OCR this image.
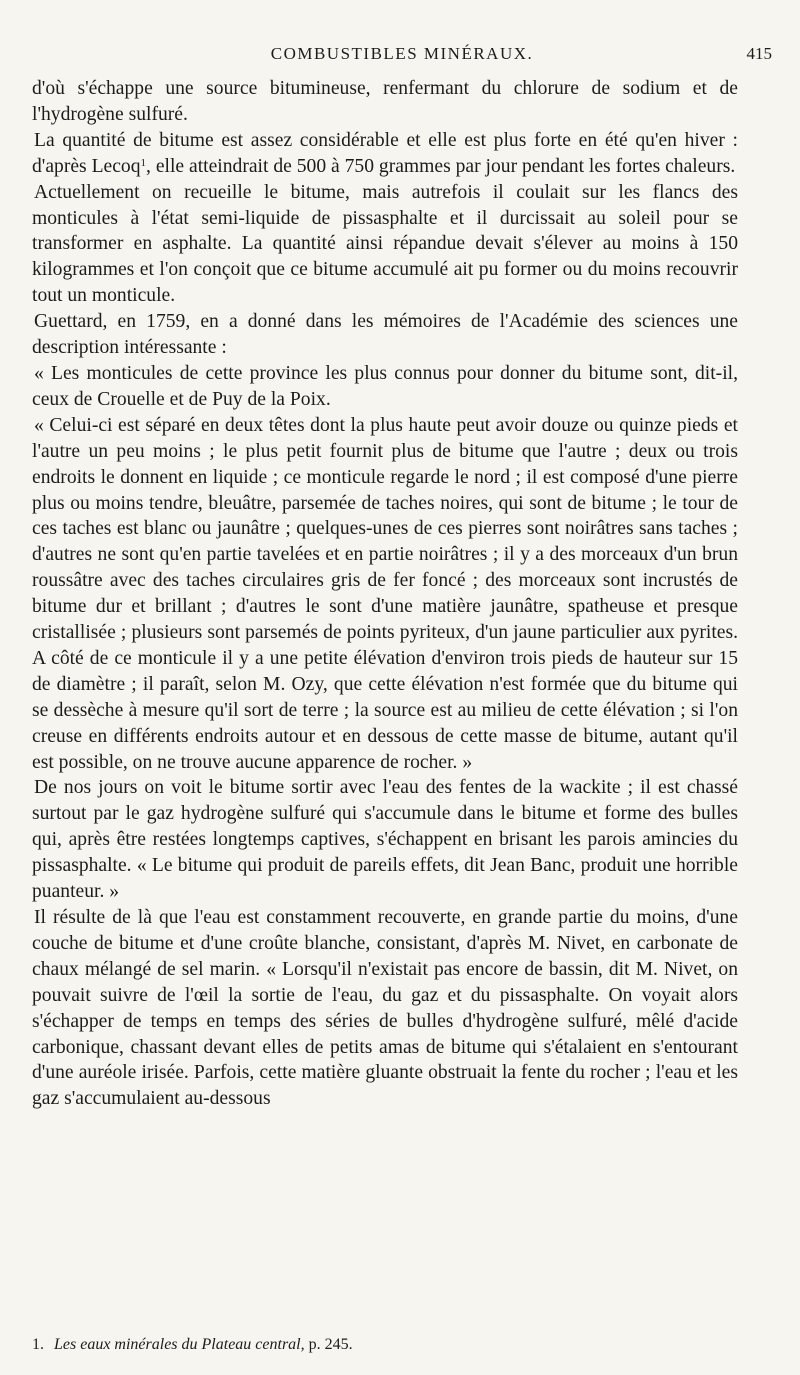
COMBUSTIBLES MINÉRAUX.	415

d'où s'échappe une source bitumineuse, renfermant du chlorure de sodium et de l'hydrogène sulfuré.

La quantité de bitume est assez considérable et elle est plus forte en été qu'en hiver : d'après Lecoq$^1$, elle atteindrait de 500 à 750 grammes par jour pendant les fortes chaleurs.

Actuellement on recueille le bitume, mais autrefois il coulait sur les flancs des monticules à l'état semi-liquide de pissasphalte et il durcissait au soleil pour se transformer en asphalte. La quantité ainsi répandue devait s'élever au moins à 150 kilogrammes et l'on conçoit que ce bitume accumulé ait pu former ou du moins recouvrir tout un monticule.

Guettard, en 1759, en a donné dans les mémoires de l'Académie des sciences une description intéressante :

« Les monticules de cette province les plus connus pour donner du bitume sont, dit-il, ceux de Crouelle et de Puy de la Poix.

« Celui-ci est séparé en deux têtes dont la plus haute peut avoir douze ou quinze pieds et l'autre un peu moins ; le plus petit fournit plus de bitume que l'autre ; deux ou trois endroits le donnent en liquide ; ce monticule regarde le nord ; il est composé d'une pierre plus ou moins tendre, bleuâtre, parsemée de taches noires, qui sont de bitume ; le tour de ces taches est blanc ou jaunâtre ; quelques-unes de ces pierres sont noirâtres sans taches ; d'autres ne sont qu'en partie tavelées et en partie noirâtres ; il y a des morceaux d'un brun roussâtre avec des taches circulaires gris de fer foncé ; des morceaux sont incrustés de bitume dur et brillant ; d'autres le sont d'une matière jaunâtre, spatheuse et presque cristallisée ; plusieurs sont parsemés de points pyriteux, d'un jaune particulier aux pyrites. A côté de ce monticule il y a une petite élévation d'environ trois pieds de hauteur sur 15 de diamètre ; il paraît, selon M. Ozy, que cette élévation n'est formée que du bitume qui se dessèche à mesure qu'il sort de terre ; la source est au milieu de cette élévation ; si l'on creuse en différents endroits autour et en dessous de cette masse de bitume, autant qu'il est possible, on ne trouve aucune apparence de rocher. »

De nos jours on voit le bitume sortir avec l'eau des fentes de la wackite ; il est chassé surtout par le gaz hydrogène sulfuré qui s'accumule dans le bitume et forme des bulles qui, après être restées longtemps captives, s'échappent en brisant les parois amincies du pissasphalte. « Le bitume qui produit de pareils effets, dit Jean Banc, produit une horrible puanteur. »

Il résulte de là que l'eau est constamment recouverte, en grande partie du moins, d'une couche de bitume et d'une croûte blanche, consistant, d'après M. Nivet, en carbonate de chaux mélangé de sel marin. « Lorsqu'il n'existait pas encore de bassin, dit M. Nivet, on pouvait suivre de l'œil la sortie de l'eau, du gaz et du pissasphalte. On voyait alors s'échapper de temps en temps des séries de bulles d'hydrogène sulfuré, mêlé d'acide carbonique, chassant devant elles de petits amas de bitume qui s'étalaient en s'entourant d'une auréole irisée. Parfois, cette matière gluante obstruait la fente du rocher ; l'eau et les gaz s'accumulaient au-dessous

1. Les eaux minérales du Plateau central, p. 245.
